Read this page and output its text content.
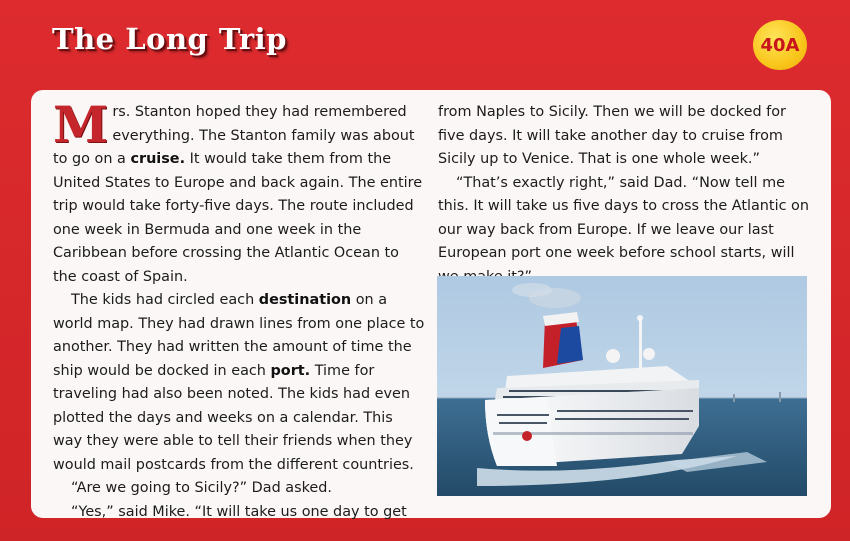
The Long Trip	40A

Mrs. Stanton hoped they had remembered everything. The Stanton family was about to go on a cruise. It would take them from the United States to Europe and back again. The entire trip would take forty-five days. The route included one week in Bermuda and one week in the Caribbean before crossing the Atlantic Ocean to the coast of Spain.

The kids had circled each destination on a world map. They had drawn lines from one place to another. They had written the amount of time the ship would be docked in each port. Time for traveling had also been noted. The kids had even plotted the days and weeks on a calendar. This way they were able to tell their friends when they would mail postcards from the different countries.

“Are we going to Sicily?” Dad asked.

“Yes,” said Mike. “It will take us one day to get

from Naples to Sicily. Then we will be docked for five days. It will take another day to cruise from Sicily up to Venice. That is one whole week.”

“That’s exactly right,” said Dad. “Now tell me this. It will take us five days to cross the Atlantic on our way back from Europe. If we leave our last European port one week before school starts, will
